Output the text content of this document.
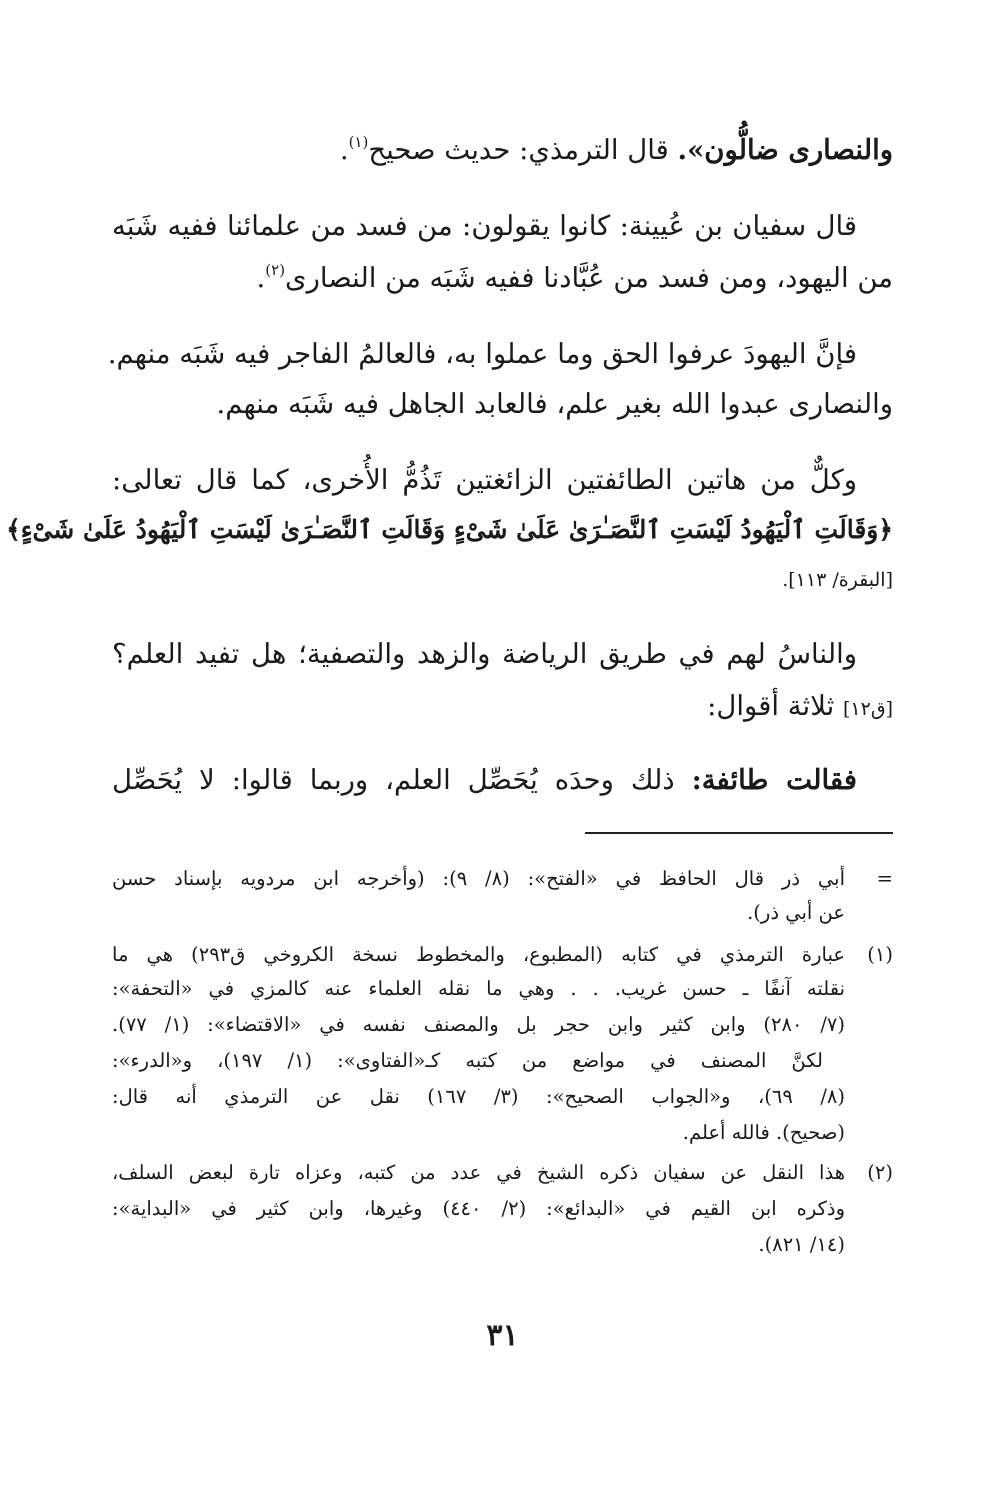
والنصارى ضالُّون». قال الترمذي: حديث صحيح$^{(١)}$.
قال سفيان بن عُيينة: كانوا يقولون: من فسد من علمائنا ففيه شَبَه
من اليهود، ومن فسد من عُبَّادنا ففيه شَبَه من النصارى$^{(٢)}$.
فإنَّ اليهودَ عرفوا الحق وما عملوا به، فالعالمُ الفاجر فيه شَبَه منهم.
والنصارى عبدوا الله بغير علم، فالعابد الجاهل فيه شَبَه منهم.
وكلٌّ من هاتين الطائفتين الزائغتين تَذُمُّ الأُخرى، كما قال تعالى:
﴿وَقَالَتِ ٱلْيَهُودُ لَيْسَتِ ٱلنَّصَـٰرَىٰ عَلَىٰ شَىْءٍ وَقَالَتِ ٱلنَّصَـٰرَىٰ لَيْسَتِ ٱلْيَهُودُ عَلَىٰ شَىْءٍ﴾
[البقرة/ ١١٣].
والناسُ لهم في طريق الرياضة والزهد والتصفية؛ هل تفيد العلم؟
[ق١٢] ثلاثة أقوال:
فقالت طائفة: ذلك وحدَه يُحَصِّل العلم، وربما قالوا: لا يُحَصِّل
=
أبي ذر قال الحافظ في «الفتح»: (٨/ ٩): (وأخرجه ابن مردويه بإسناد حسن
عن أبي ذر).
(١)
عبارة الترمذي في كتابه (المطبوع، والمخطوط نسخة الكروخي ق٢٩٣) هي ما
نقلته آنفًا ـ حسن غريب. . . وهي ما نقله العلماء عنه كالمزي في «التحفة»:
(٧/ ٢٨٠) وابن كثير وابن حجر بل والمصنف نفسه في «الاقتضاء»: (١/ ٧٧).
لكنَّ المصنف في مواضع من كتبه كـ«الفتاوى»: (١/ ١٩٧)، و«الدرء»:
(٨/ ٦٩)، و«الجواب الصحيح»: (٣/ ١٦٧) نقل عن الترمذي أنه قال:
(صحيح). فالله أعلم.
(٢)
هذا النقل عن سفيان ذكره الشيخ في عدد من كتبه، وعزاه تارة لبعض السلف،
وذكره ابن القيم في «البدائع»: (٢/ ٤٤٠) وغيرها، وابن كثير في «البداية»:
(١٤/ ٨٢١).
٣١
